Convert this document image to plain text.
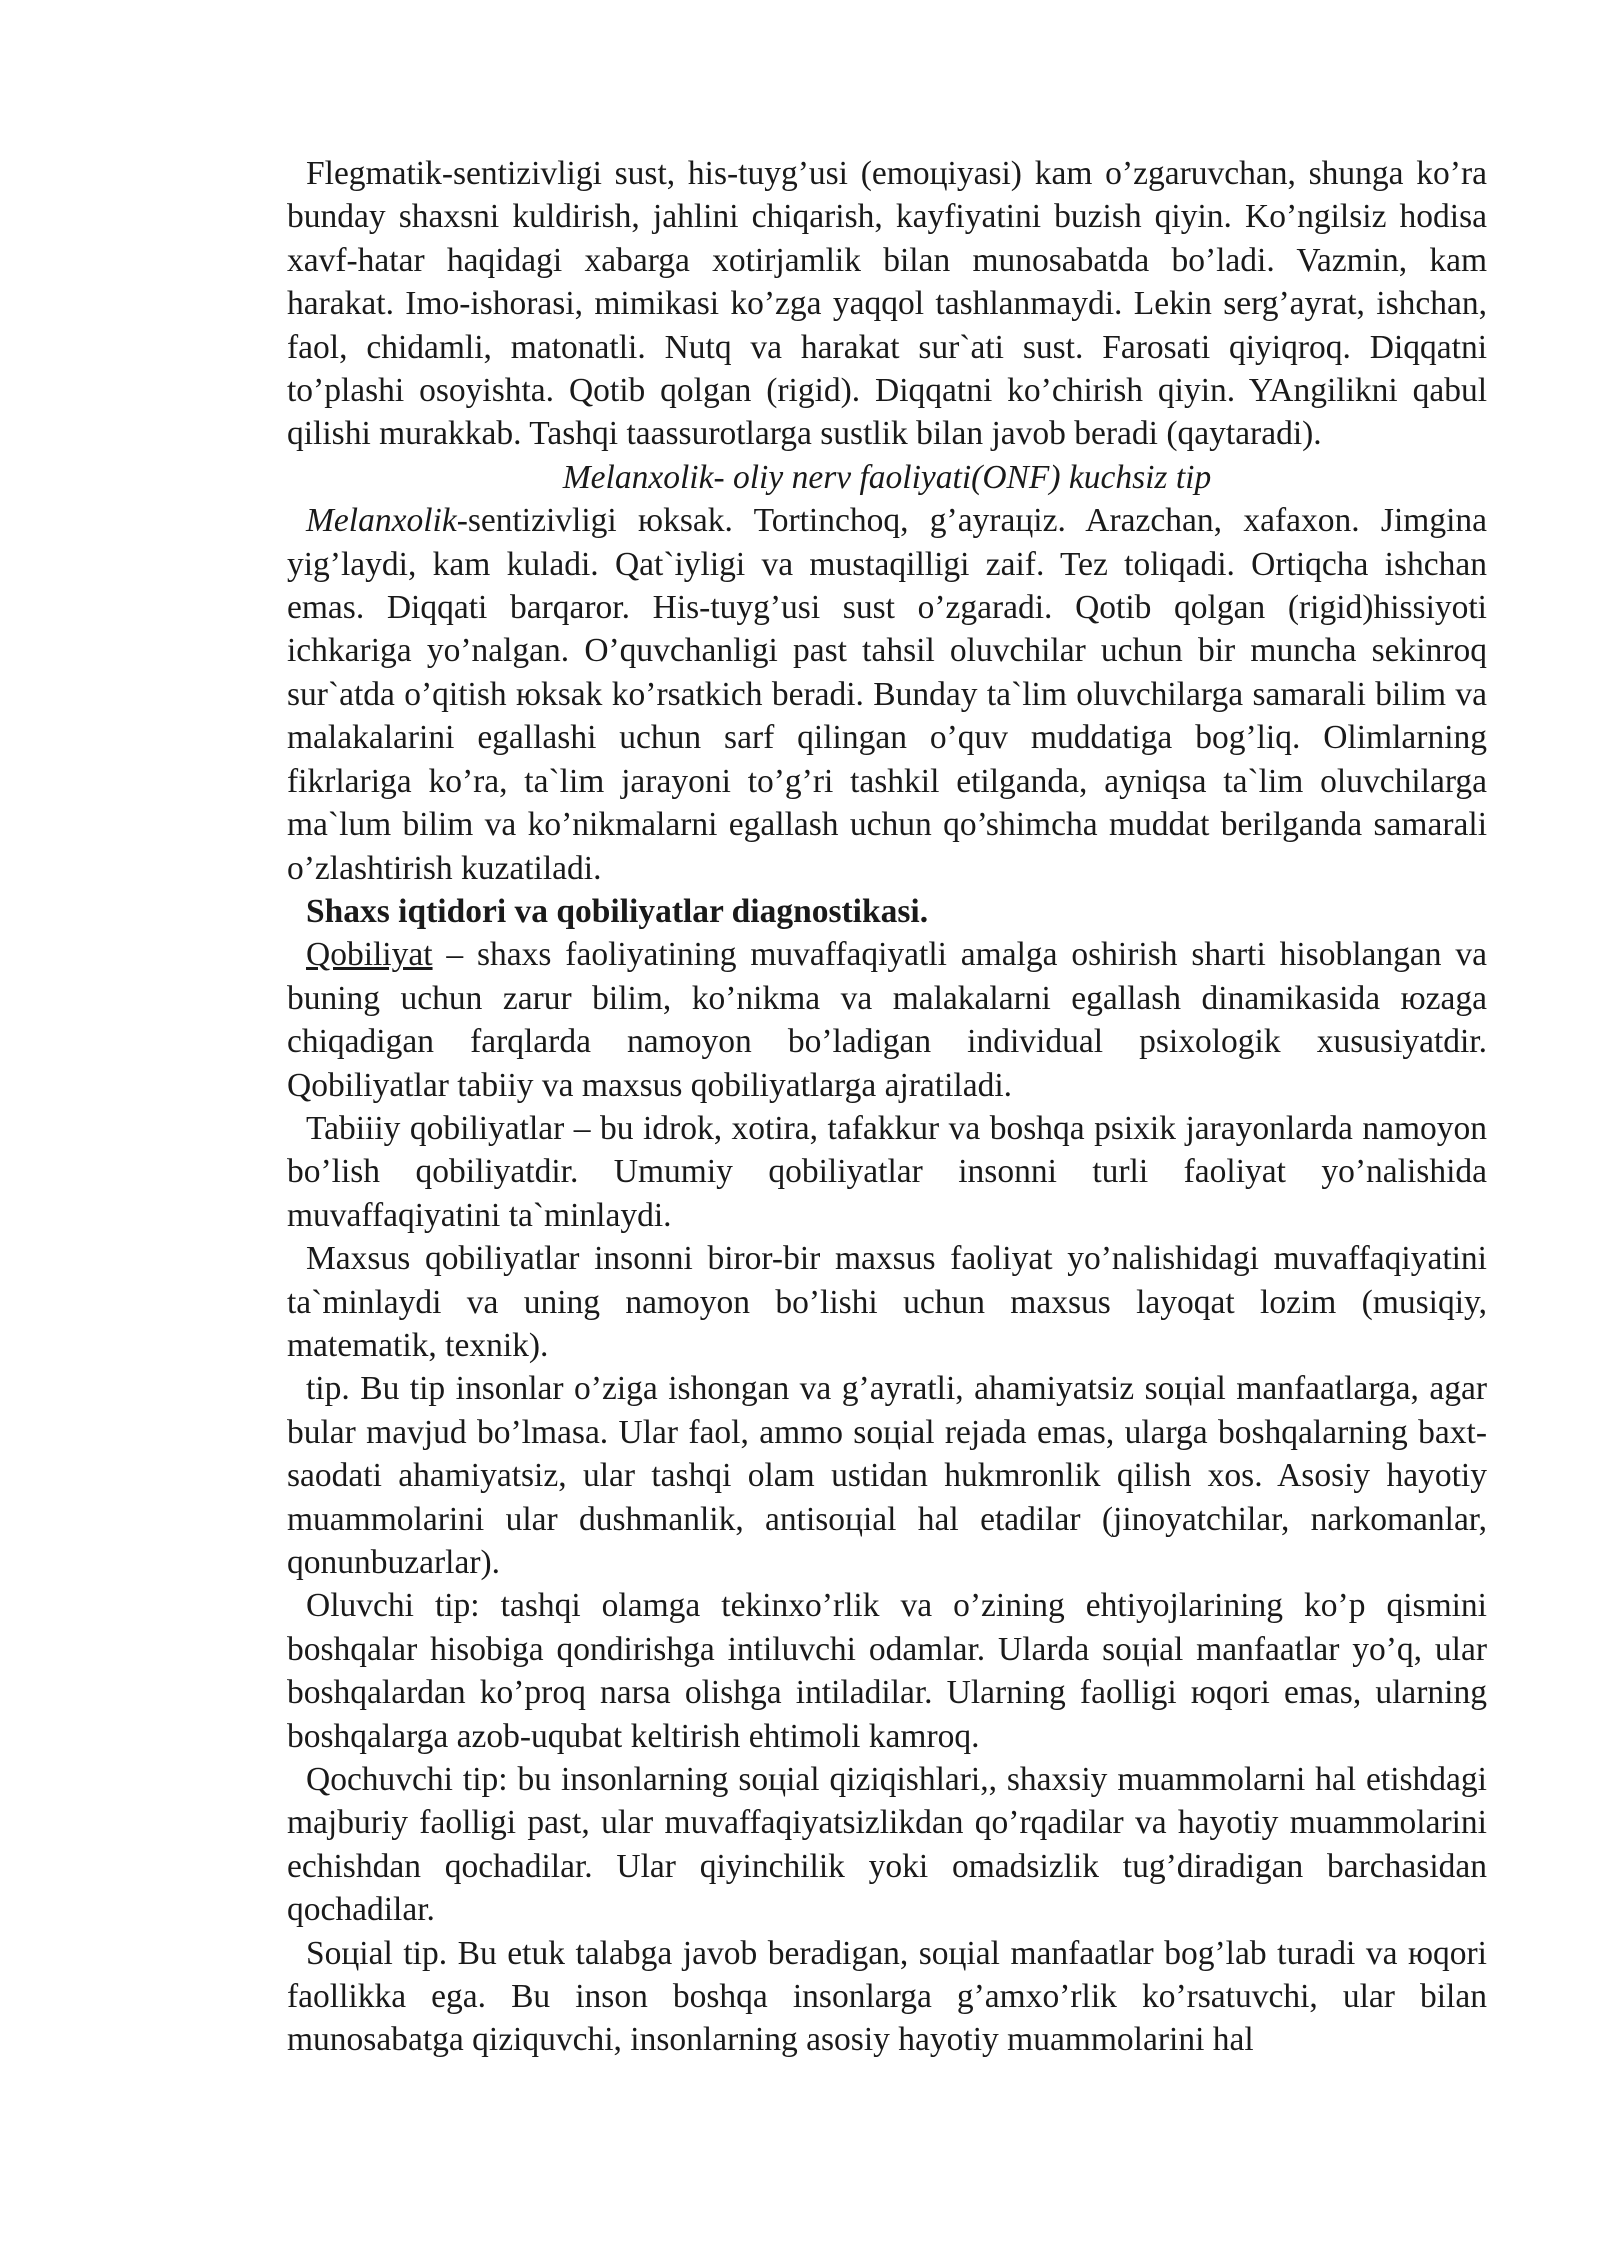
Flegmatik-sentizivligi sust, his-tuyg’usi (emoцiyasi) kam o’zgaruvchan, shunga ko’ra bunday shaxsni kuldirish, jahlini chiqarish, kayfiyatini buzish qiyin. Ko’ngilsiz hodisa xavf-hatar haqidagi xabarga xotirjamlik bilan munosabatda bo’ladi. Vazmin, kam harakat. Imo-ishorasi, mimikasi ko’zga yaqqol tashlanmaydi. Lekin serg’ayrat, ishchan, faol, chidamli, matonatli. Nutq va harakat sur`ati sust. Farosati qiyiqroq. Diqqatni to’plashi osoyishta. Qotib qolgan (rigid). Diqqatni ko’chirish qiyin. YAngilikni qabul qilishi murakkab. Tashqi taassurotlarga sustlik bilan javob beradi (qaytaradi).

Melanxolik- oliy nerv faoliyati(ONF) kuchsiz tip

Melanxolik-sentizivligi юksak. Tortinchoq, g’ayraцiz. Arazchan, xafaxon. Jimgina yig’laydi, kam kuladi. Qat`iyligi va mustaqilligi zaif. Tez toliqadi. Ortiqcha ishchan emas. Diqqati barqaror. His-tuyg’usi sust o’zgaradi. Qotib qolgan (rigid)hissiyoti ichkariga yo’nalgan. O’quvchanligi past tahsil oluvchilar uchun bir muncha sekinroq sur`atda o’qitish юksak ko’rsatkich beradi. Bunday ta`lim oluvchilarga samarali bilim va malakalarini egallashi uchun sarf qilingan o’quv muddatiga bog’liq. Olimlarning fikrlariga ko’ra, ta`lim jarayoni to’g’ri tashkil etilganda, ayniqsa ta`lim oluvchilarga ma`lum bilim va ko’nikmalarni egallash uchun qo’shimcha muddat berilganda samarali o’zlashtirish kuzatiladi.

Shaxs iqtidori va qobiliyatlar diagnostikasi.

Qobiliyat – shaxs faoliyatining muvaffaqiyatli amalga oshirish sharti hisoblangan va buning uchun zarur bilim, ko’nikma va malakalarni egallash dinamikasida юzaga chiqadigan farqlarda namoyon bo’ladigan individual psixologik xususiyatdir. Qobiliyatlar tabiiy va maxsus qobiliyatlarga ajratiladi.

Tabiiiy qobiliyatlar – bu idrok, xotira, tafakkur va boshqa psixik jarayonlarda namoyon bo’lish qobiliyatdir. Umumiy qobiliyatlar insonni turli faoliyat yo’nalishida muvaffaqiyatini ta`minlaydi.

Maxsus qobiliyatlar insonni biror-bir maxsus faoliyat yo’nalishidagi muvaffaqiyatini ta`minlaydi va uning namoyon bo’lishi uchun maxsus layoqat lozim (musiqiy, matematik, texnik).

tip. Bu tip insonlar o’ziga ishongan va g’ayratli, ahamiyatsiz soцial manfaatlarga, agar bular mavjud bo’lmasa. Ular faol, ammo soцial rejada emas, ularga boshqalarning baxt-saodati ahamiyatsiz, ular tashqi olam ustidan hukmronlik qilish xos. Asosiy hayotiy muammolarini ular dushmanlik, antisoцial hal etadilar (jinoyatchilar, narkomanlar, qonunbuzarlar).

Oluvchi tip: tashqi olamga tekinxo’rlik va o’zining ehtiyojlarining ko’p qismini boshqalar hisobiga qondirishga intiluvchi odamlar. Ularda soцial manfaatlar yo’q, ular boshqalardan ko’proq narsa olishga intiladilar. Ularning faolligi юqori emas, ularning boshqalarga azob-uqubat keltirish ehtimoli kamroq.

Qochuvchi tip: bu insonlarning soцial qiziqishlari,, shaxsiy muammolarni hal etishdagi majburiy faolligi past, ular muvaffaqiyatsizlikdan qo’rqadilar va hayotiy muammolarini echishdan qochadilar. Ular qiyinchilik yoki omadsizlik tug’diradigan barchasidan qochadilar.

Soцial tip. Bu etuk talabga javob beradigan, soцial manfaatlar bog’lab turadi va юqori faollikka ega. Bu inson boshqa insonlarga g’amxo’rlik ko’rsatuvchi, ular bilan munosabatga qiziquvchi, insonlarning asosiy hayotiy muammolarini hal
